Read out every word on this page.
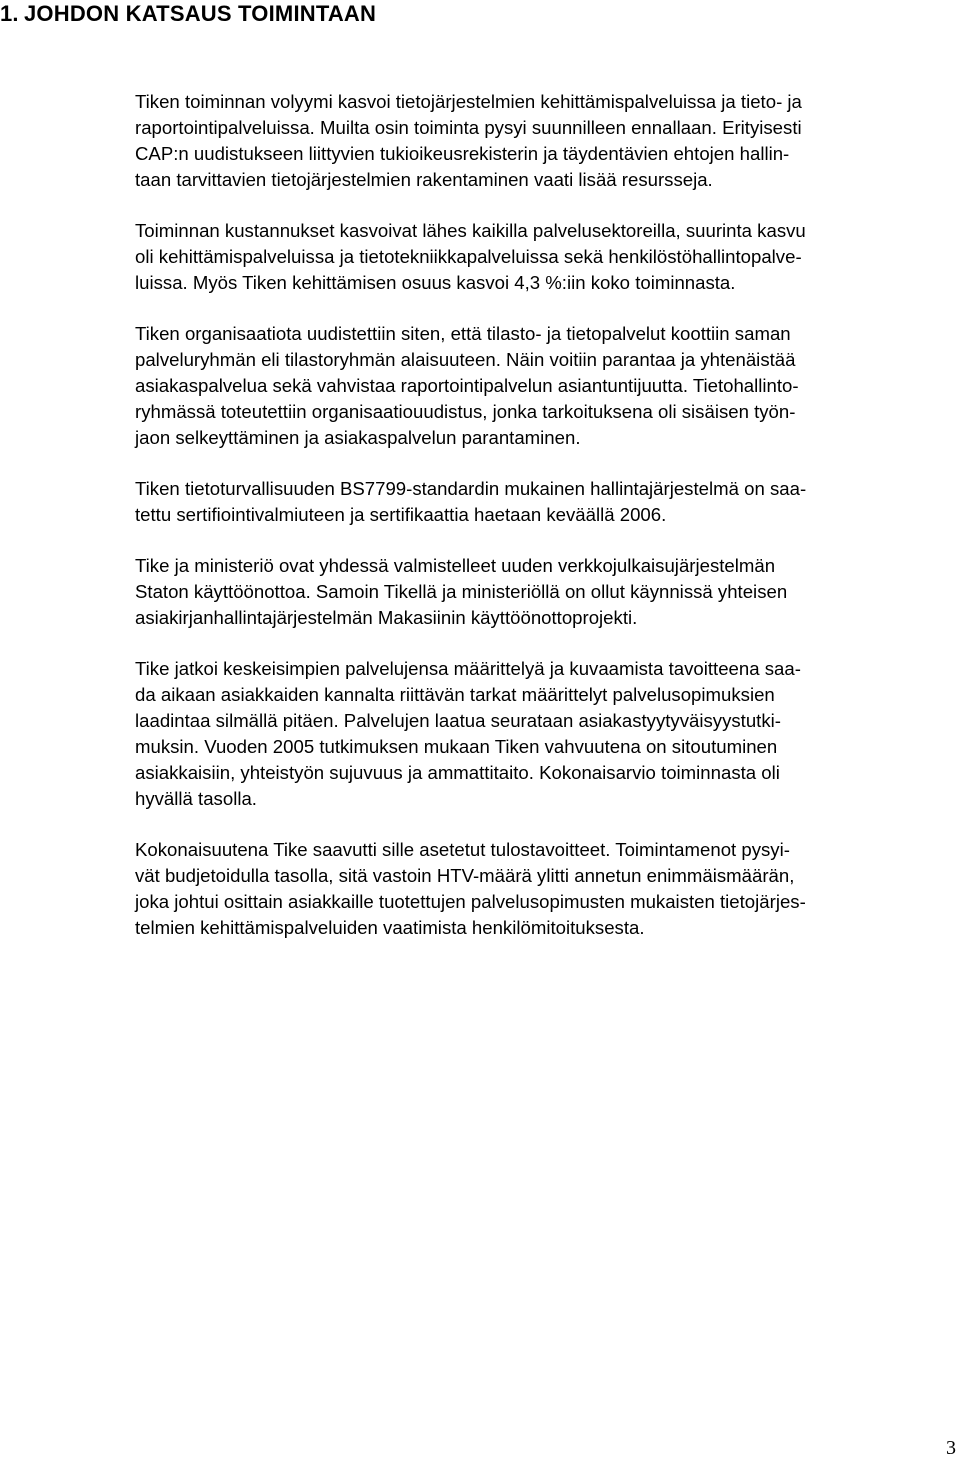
1. JOHDON KATSAUS TOIMINTAAN

Tiken toiminnan volyymi kasvoi tietojärjestelmien kehittämispalveluissa ja tieto- ja
raportointipalveluissa. Muilta osin toiminta pysyi suunnilleen ennallaan. Erityisesti
CAP:n uudistukseen liittyvien tukioikeusrekisterin ja täydentävien ehtojen hallin-
taan tarvittavien tietojärjestelmien rakentaminen vaati lisää resursseja.

Toiminnan kustannukset kasvoivat lähes kaikilla palvelusektoreilla, suurinta kasvu
oli kehittämispalveluissa ja tietotekniikkapalveluissa sekä henkilöstöhallintopalve-
luissa. Myös Tiken kehittämisen osuus kasvoi 4,3 %:iin koko toiminnasta.

Tiken organisaatiota uudistettiin siten, että tilasto- ja tietopalvelut koottiin saman
palveluryhmän eli tilastoryhmän alaisuuteen. Näin voitiin parantaa ja yhtenäistää
asiakaspalvelua sekä vahvistaa raportointipalvelun asiantuntijuutta. Tietohallinto-
ryhmässä toteutettiin organisaatiouudistus, jonka tarkoituksena oli sisäisen työn-
jaon selkeyttäminen ja asiakaspalvelun parantaminen.

Tiken tietoturvallisuuden BS7799-standardin mukainen hallintajärjestelmä on saa-
tettu sertifiointivalmiuteen ja sertifikaattia haetaan keväällä 2006.

Tike ja ministeriö ovat yhdessä valmistelleet uuden verkkojulkaisujärjestelmän
Staton käyttöönottoa. Samoin Tikellä ja ministeriöllä on ollut käynnissä yhteisen
asiakirjanhallintajärjestelmän Makasiinin käyttöönottoprojekti.

Tike jatkoi keskeisimpien palvelujensa määrittelyä ja kuvaamista tavoitteena saa-
da aikaan asiakkaiden kannalta riittävän tarkat määrittelyt palvelusopimuksien
laadintaa silmällä pitäen. Palvelujen laatua seurataan asiakastyytyväisyystutki-
muksin. Vuoden 2005 tutkimuksen mukaan Tiken vahvuutena on sitoutuminen
asiakkaisiin, yhteistyön sujuvuus ja ammattitaito. Kokonaisarvio toiminnasta oli
hyvällä tasolla.

Kokonaisuutena Tike saavutti sille asetetut tulostavoitteet. Toimintamenot pysyi-
vät budjetoidulla tasolla, sitä vastoin HTV-määrä ylitti annetun enimmäismäärän,
joka johtui osittain asiakkaille tuotettujen palvelusopimusten mukaisten tietojärjes-
telmien kehittämispalveluiden vaatimista henkilömitoituksesta.

3
